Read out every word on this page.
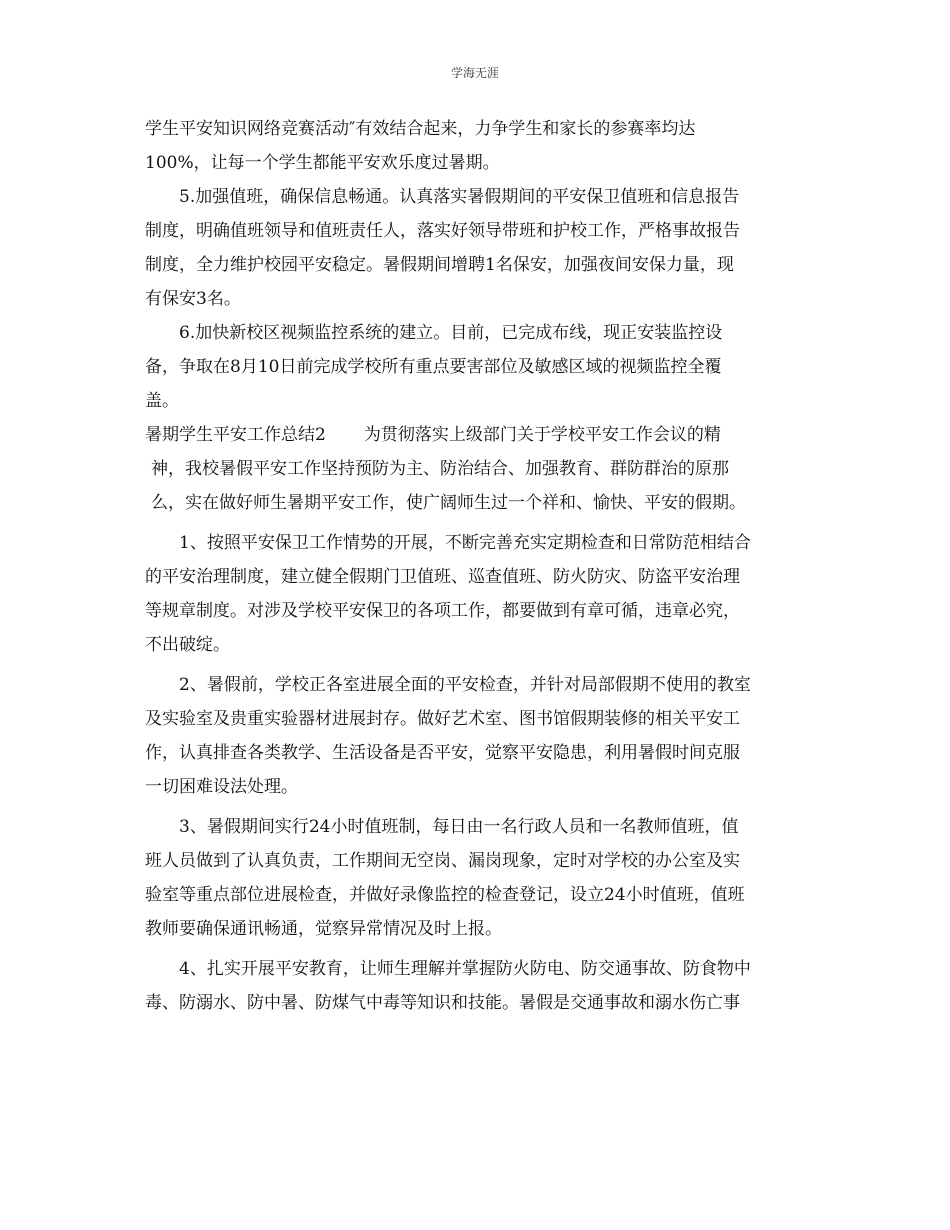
学海无涯
学生平安知识网络竞赛活动″有效结合起来，力争学生和家长的参赛率均达
100%，让每一个学生都能平安欢乐度过暑期。
5.加强值班，确保信息畅通。认真落实暑假期间的平安保卫值班和信息报告
制度，明确值班领导和值班责任人，落实好领导带班和护校工作，严格事故报告
制度，全力维护校园平安稳定。暑假期间增聘1名保安，加强夜间安保力量，现
有保安3名。
6.加快新校区视频监控系统的建立。目前，已完成布线，现正安装监控设
备，争取在8月10日前完成学校所有重点要害部位及敏感区域的视频监控全覆
盖。
暑期学生平安工作总结2 为贯彻落实上级部门关于学校平安工作会议的精
神，我校暑假平安工作坚持预防为主、防治结合、加强教育、群防群治的原那
么，实在做好师生暑期平安工作，使广阔师生过一个祥和、愉快、平安的假期。
1、按照平安保卫工作情势的开展，不断完善充实定期检查和日常防范相结合
的平安治理制度，建立健全假期门卫值班、巡查值班、防火防灾、防盗平安治理
等规章制度。对涉及学校平安保卫的各项工作，都要做到有章可循，违章必究，
不出破绽。
2、暑假前，学校正各室进展全面的平安检查，并针对局部假期不使用的教室
及实验室及贵重实验器材进展封存。做好艺术室、图书馆假期装修的相关平安工
作，认真排查各类教学、生活设备是否平安，觉察平安隐患，利用暑假时间克服
一切困难设法处理。
3、暑假期间实行24小时值班制，每日由一名行政人员和一名教师值班，值
班人员做到了认真负责，工作期间无空岗、漏岗现象，定时对学校的办公室及实
验室等重点部位进展检查，并做好录像监控的检查登记，设立24小时值班，值班
教师要确保通讯畅通，觉察异常情况及时上报。
4、扎实开展平安教育，让师生理解并掌握防火防电、防交通事故、防食物中
毒、防溺水、防中暑、防煤气中毒等知识和技能。暑假是交通事故和溺水伤亡事
